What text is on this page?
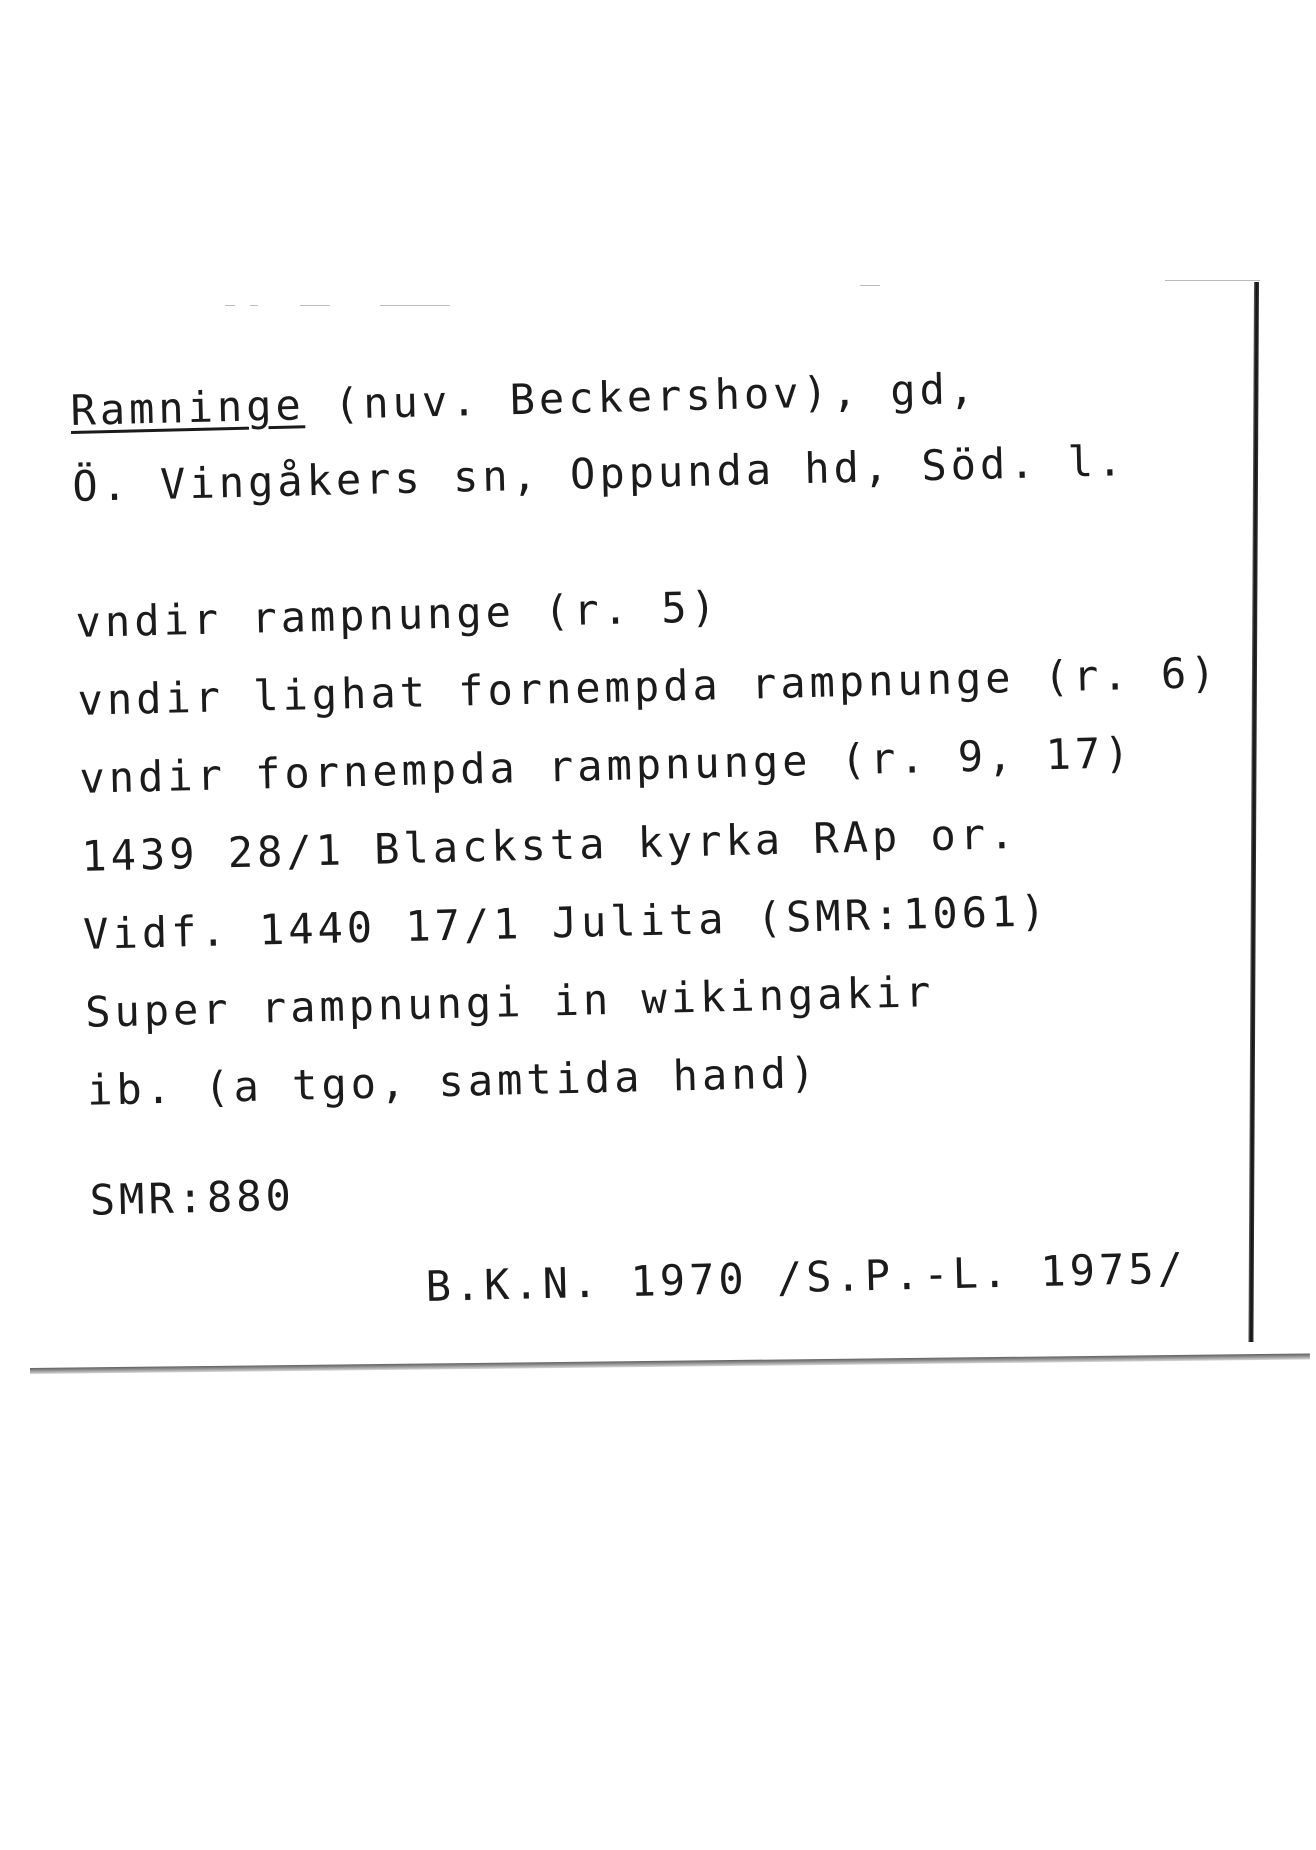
Ramninge (nuv. Beckershov), gd,
Ö. Vingåkers sn, Oppunda hd, Söd. l.
vndir rampnunge (r. 5)
vndir lighat fornempda rampnunge (r. 6)
vndir fornempda rampnunge (r. 9, 17)
1439 28/1 Blacksta kyrka RAp or.
Vidf. 1440 17/1 Julita (SMR:1061)
Super rampnungi in wikingakir
ib. (a tgo, samtida hand)
SMR:880
B.K.N. 1970 /S.P.-L. 1975/
